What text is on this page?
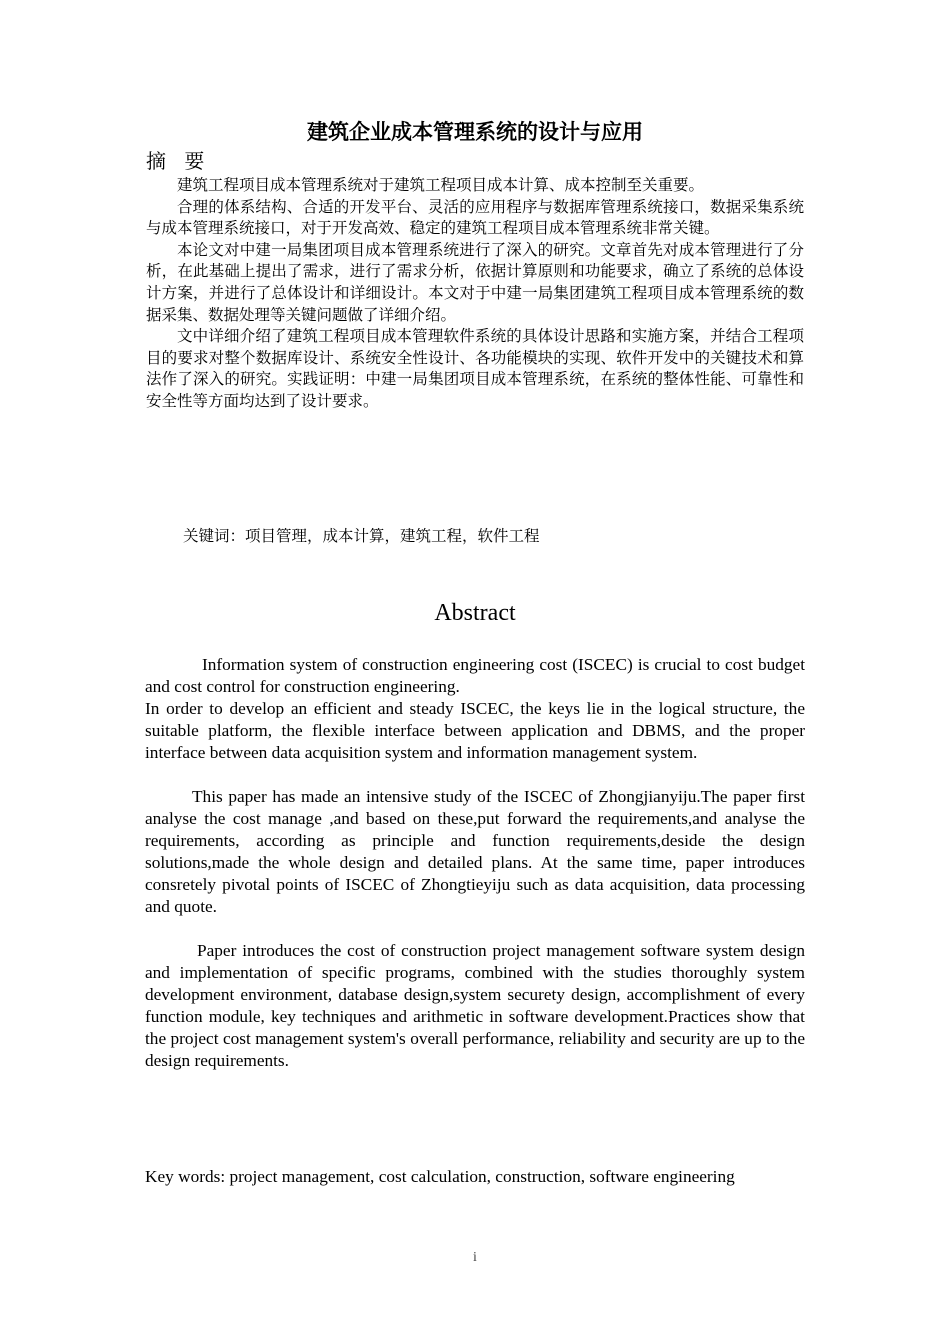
建筑企业成本管理系统的设计与应用
摘 要

建筑工程项目成本管理系统对于建筑工程项目成本计算、成本控制至关重要。

合理的体系结构、合适的开发平台、灵活的应用程序与数据库管理系统接口，数据采集系统与成本管理系统接口，对于开发高效、稳定的建筑工程项目成本管理系统非常关键。

本论文对中建一局集团项目成本管理系统进行了深入的研究。文章首先对成本管理进行了分析，在此基础上提出了需求，进行了需求分析，依据计算原则和功能要求，确立了系统的总体设计方案，并进行了总体设计和详细设计。本文对于中建一局集团建筑工程项目成本管理系统的数据采集、数据处理等关键问题做了详细介绍。

文中详细介绍了建筑工程项目成本管理软件系统的具体设计思路和实施方案，并结合工程项目的要求对整个数据库设计、系统安全性设计、各功能模块的实现、软件开发中的关键技术和算法作了深入的研究。实践证明：中建一局集团项目成本管理系统，在系统的整体性能、可靠性和安全性等方面均达到了设计要求。

关键词：项目管理，成本计算，建筑工程，软件工程
Abstract

Information system of construction engineering cost (ISCEC) is crucial to cost budget and cost control for construction engineering.

In order to develop an efficient and steady ISCEC, the keys lie in the logical structure, the suitable platform, the flexible interface between application and DBMS, and the proper interface between data acquisition system and information management system.

This paper has made an intensive study of the ISCEC of Zhongjianyiju.The paper first analyse the cost manage ,and based on these,put forward the requirements,and analyse the requirements, according as principle and function requirements,deside the design solutions,made the whole design and detailed plans. At the same time, paper introduces consretely pivotal points of ISCEC of Zhongtieyiju such as data acquisition, data processing and quote.

Paper introduces the cost of construction project management software system design and implementation of specific programs, combined with the studies thoroughly system development environment, database design,system securety design, accomplishment of every function module, key techniques and arithmetic in software development.Practices show that the project cost management system's overall performance, reliability and security are up to the design requirements.

Key words: project management, cost calculation, construction, software engineering
i
